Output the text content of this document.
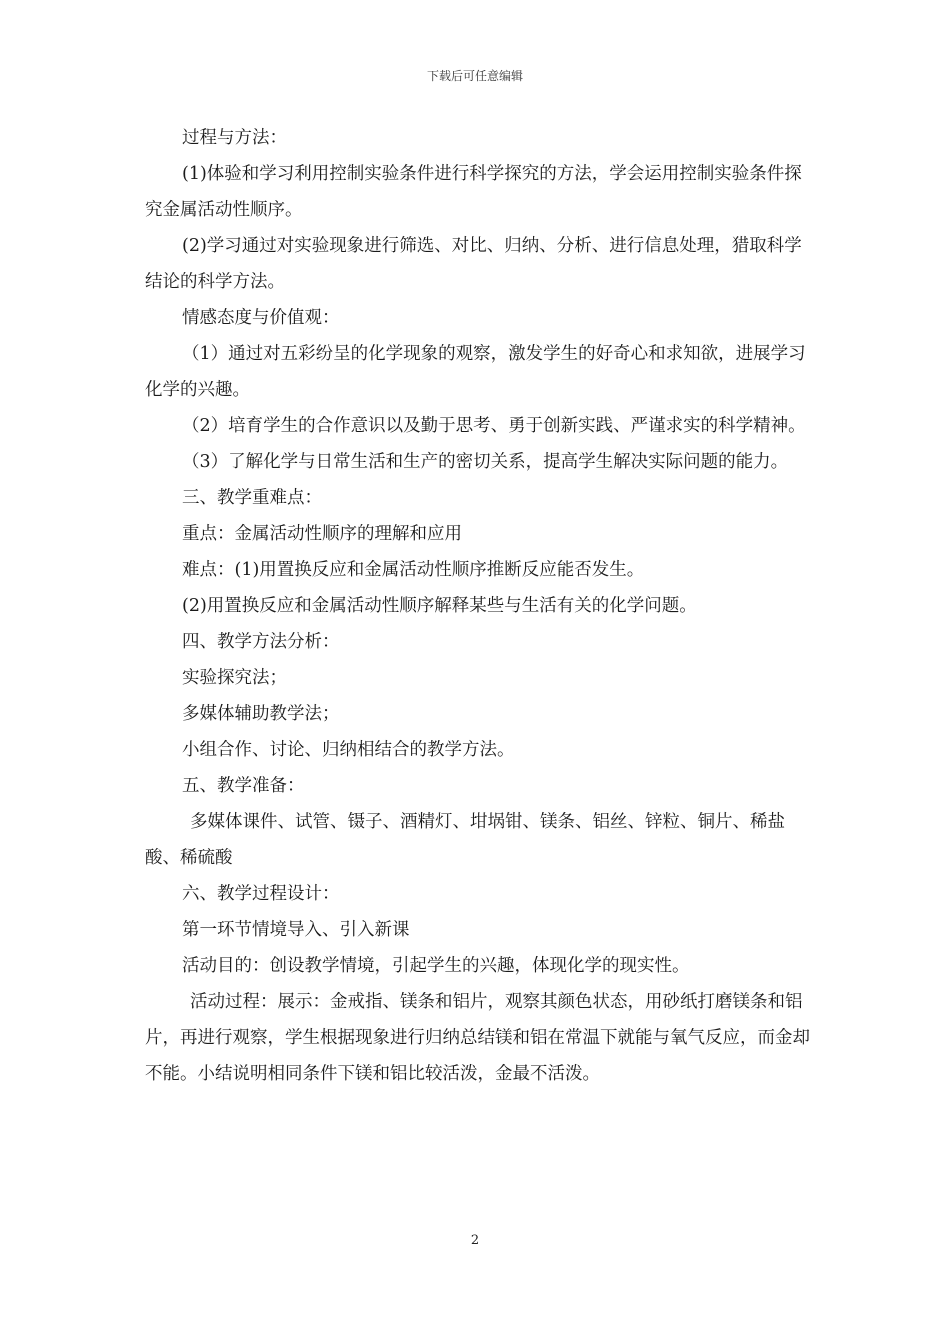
下载后可任意编辑

过程与方法：

(1)体验和学习利用控制实验条件进行科学探究的方法，学会运用控制实验条件探究金属活动性顺序。

(2)学习通过对实验现象进行筛选、对比、归纳、分析、进行信息处理，猎取科学结论的科学方法。

情感态度与价值观：

（1）通过对五彩纷呈的化学现象的观察，激发学生的好奇心和求知欲，进展学习化学的兴趣。

（2）培育学生的合作意识以及勤于思考、勇于创新实践、严谨求实的科学精神。

（3）了解化学与日常生活和生产的密切关系，提高学生解决实际问题的能力。

三、教学重难点：

重点：金属活动性顺序的理解和应用

难点：(1)用置换反应和金属活动性顺序推断反应能否发生。

(2)用置换反应和金属活动性顺序解释某些与生活有关的化学问题。

四、教学方法分析：

实验探究法；

多媒体辅助教学法；

小组合作、讨论、归纳相结合的教学方法。

五、教学准备：

多媒体课件、试管、镊子、酒精灯、坩埚钳、镁条、铝丝、锌粒、铜片、稀盐酸、稀硫酸

六、教学过程设计：

第一环节情境导入、引入新课

活动目的：创设教学情境，引起学生的兴趣，体现化学的现实性。

活动过程：展示：金戒指、镁条和铝片，观察其颜色状态，用砂纸打磨镁条和铝片，再进行观察，学生根据现象进行归纳总结镁和铝在常温下就能与氧气反应，而金却不能。小结说明相同条件下镁和铝比较活泼，金最不活泼。

2
